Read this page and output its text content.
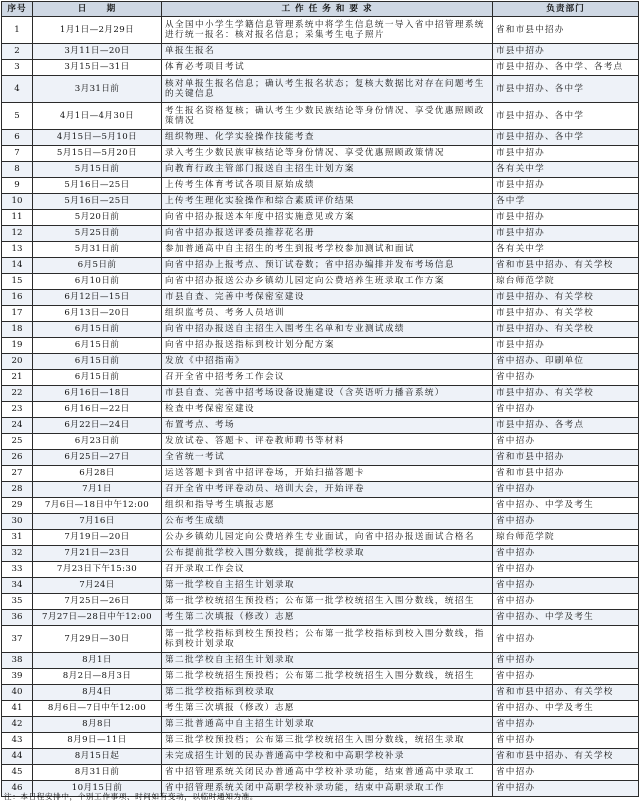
序号	日　　期	工 作 任 务 和 要 求	负责部门
1	1月1日—2月29日	从全国中小学生学籍信息管理系统中将学生信息统一导入省中招管理系统进行统一报名：核对报名信息；采集考生电子照片	省和市县中招办
2	3月11日—20日	单报生报名	市县中招办
3	3月15日—31日	体育必考项目考试	市县中招办、各中学、各考点
4	3月31日前	核对单报生报名信息；确认考生报名状态；复核大数据比对存在问题考生的关键信息	市县中招办、各中学
5	4月1日—4月30日	考生报名资格复核；确认考生少数民族结论等身份情况、享受优惠照顾政策情况	市县中招办、各中学
6	4月15日—5月10日	组织物理、化学实验操作技能考查	市县中招办、各中学
7	5月15日—5月20日	录入考生少数民族审核结论等身份情况、享受优惠照顾政策情况	市县中招办
8	5月15日前	向教育行政主管部门报送自主招生计划方案	各有关中学
9	5月16日—25日	上传考生体育考试各项目原始成绩	市县中招办
10	5月16日—25日	上传考生理化实验操作和综合素质评价结果	各中学
11	5月20日前	向省中招办报送本年度中招实施意见或方案	市县中招办
12	5月25日前	向省中招办报送评委员推荐花名册	市县中招办
13	5月31日前	参加普通高中自主招生的考生到报考学校参加测试和面试	各有关中学
14	6月5日前	向省中招办上报考点、预订试卷数；省中招办编排并发布考场信息	省和市县中招办、有关学校
15	6月10日前	向省中招办报送公办乡镇幼儿园定向公费培养生班录取工作方案	琼台师范学院
16	6月12日—15日	市县自查、完善中考保密室建设	市县中招办、有关学校
17	6月13日—20日	组织监考员、考务人员培训	市县中招办、有关学校
18	6月15日前	向省中招办报送自主招生入围考生名单和专业测试成绩	市县中招办、有关学校
19	6月15日前	向省中招办报送指标到校计划分配方案	市县中招办
20	6月15日前	发放《中招指南》	省中招办、印刷单位
21	6月15日前	召开全省中招考务工作会议	省中招办
22	6月16日—18日	市县自查、完善中招考场设备设施建设（含英语听力播音系统）	市县中招办、有关学校
23	6月16日—22日	检查中考保密室建设	省中招办
24	6月22日—24日	布置考点、考场	市县中招办、各考点
25	6月23日前	发放试卷、答题卡、评卷教师聘书等材料	省中招办
26	6月25日—27日	全省统一考试	省和市县中招办
27	6月28日	运送答题卡到省中招评卷场，开始扫描答题卡	省和市县中招办
28	7月1日	召开全省中考评卷动员、培训大会，开始评卷	省中招办
29	7月6日—18日中午12:00	组织和指导考生填报志愿	省中招办、中学及考生
30	7月16日	公布考生成绩	省中招办
31	7月19日—20日	公办乡镇幼儿园定向公费培养生专业面试，向省中招办报送面试合格名	琼台师范学院
32	7月21日—23日	公布提前批学校入围分数线，提前批学校录取	省中招办
33	7月23日下午15:30	召开录取工作会议	省中招办
34	7月24日	第一批学校自主招生计划录取	省中招办
35	7月25日—26日	第一批学校统招生预投档；公布第一批学校统招生入围分数线，统招生	省中招办
36	7月27日—28日中午12:00	考生第二次填报（修改）志愿	省中招办、中学及考生
37	7月29日—30日	第一批学校指标到校生预投档；公布第一批学校指标到校入围分数线，指标到校计划录取	省中招办
38	8月1日	第二批学校自主招生计划录取	省中招办
39	8月2日—8月3日	第二批学校统招生预投档；公布第二批学校统招生入围分数线，统招生	省中招办
40	8月4日	第二批学校指标到校录取	省和市县中招办、有关学校
41	8月6日—7日中午12:00	考生第三次填报（修改）志愿	省中招办、中学及考生
42	8月8日	第三批普通高中自主招生计划录取	省中招办
43	8月9日—11日	第三批学校预投档；公布第三批学校统招生入围分数线，统招生录取	省中招办
44	8月15日起	未完成招生计划的民办普通高中学校和中高职学校补录	省和市县中招办、有关学校
45	8月31日前	省中招管理系统关闭民办普通高中学校补录功能，结束普通高中录取工	省中招办
46	10月15日前	省中招管理系统关闭中高职学校补录功能，结束中高职录取工作	省中招办
注：本日程安排中，个别工作事项、时间如有变动，以临时通知为准。
